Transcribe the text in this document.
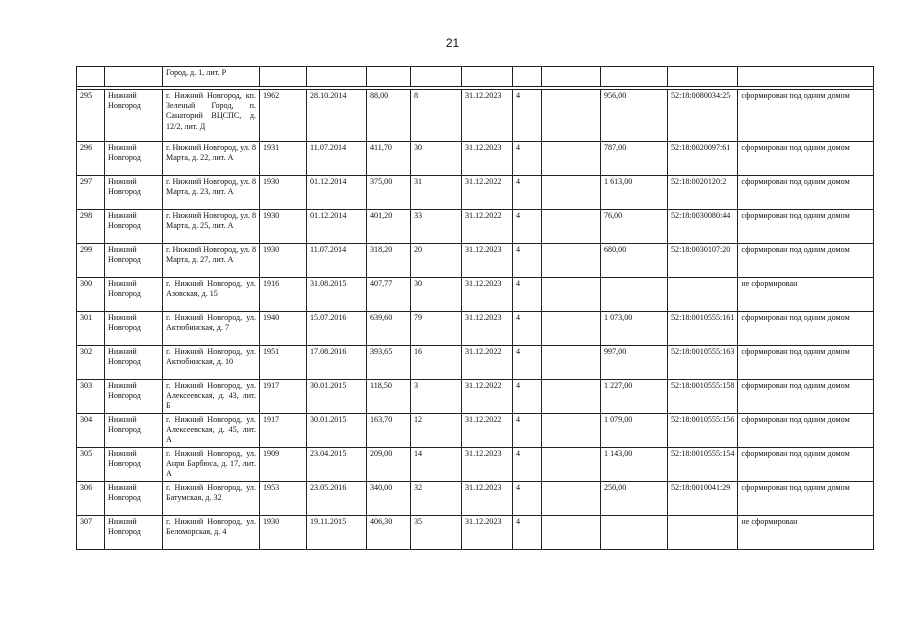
21
		Город, д. 1, лит. Р										

295	Нижний Новгород	г. Нижний Новгород, кп. Зеленый Город, п. Санаторий ВЦСПС, д. 12/2, лит. Д	1962	28.10.2014	88,00	8	31.12.2023	4		956,00	52:18:0080034:25	сформирован под одним домом
296	Нижний Новгород	г. Нижний Новгород, ул. 8 Марта, д. 22, лит. А	1931	11.07.2014	411,70	30	31.12.2023	4		787,00	52:18:0020097:61	сформирован под одним домом
297	Нижний Новгород	г. Нижний Новгород, ул. 8 Марта, д. 23, лит. А	1930	01.12.2014	375,00	31	31.12.2022	4		1 613,00	52:18:0020120:2	сформирован под одним домом
298	Нижний Новгород	г. Нижний Новгород, ул. 8 Марта, д. 25, лит. А	1930	01.12.2014	401,20	33	31.12.2022	4		76,00	52:18:0030080:44	сформирован под одним домом
299	Нижний Новгород	г. Нижний Новгород, ул. 8 Марта, д. 27, лит. А	1930	11.07.2014	318,20	20	31.12.2023	4		680,00	52:18:0030107:20	сформирован под одним домом
300	Нижний Новгород	г. Нижний Новгород, ул. Азовская, д. 15	1916	31.08.2015	407,77	30	31.12.2023	4				не сформирован
301	Нижний Новгород	г. Нижний Новгород, ул. Актюбинская, д. 7	1940	15.07.2016	639,60	79	31.12.2023	4		1 073,00	52:18:0010555:161	сформирован под одним домом
302	Нижний Новгород	г. Нижний Новгород, ул. Актюбинская, д. 10	1951	17.08.2016	393,65	16	31.12.2022	4		997,00	52:18:0010555:163	сформирован под одним домом
303	Нижний Новгород	г. Нижний Новгород, ул. Алексеевская, д. 43, лит. Б	1917	30.01.2015	118,50	3	31.12.2022	4		1 227,00	52:18:0010555:158	сформирован под одним домом
304	Нижний Новгород	г. Нижний Новгород, ул. Алексеевская, д. 45, лит. А	1917	30.01.2015	163,70	12	31.12.2022	4		1 079,00	52:18:0010555:156	сформирован под одним домом
305	Нижний Новгород	г. Нижний Новгород, ул. Анри Барбюса, д. 17, лит. А	1909	23.04.2015	209,00	14	31.12.2023	4		1 143,00	52:18:0010555:154	сформирован под одним домом
306	Нижний Новгород	г. Нижний Новгород, ул. Батумская, д. 32	1953	23.05.2016	340,00	32	31.12.2023	4		250,00	52:18:0010041:29	сформирован под одним домом
307	Нижний Новгород	г. Нижний Новгород, ул. Беломорская, д. 4	1930	19.11.2015	406,30	35	31.12.2023	4				не сформирован
